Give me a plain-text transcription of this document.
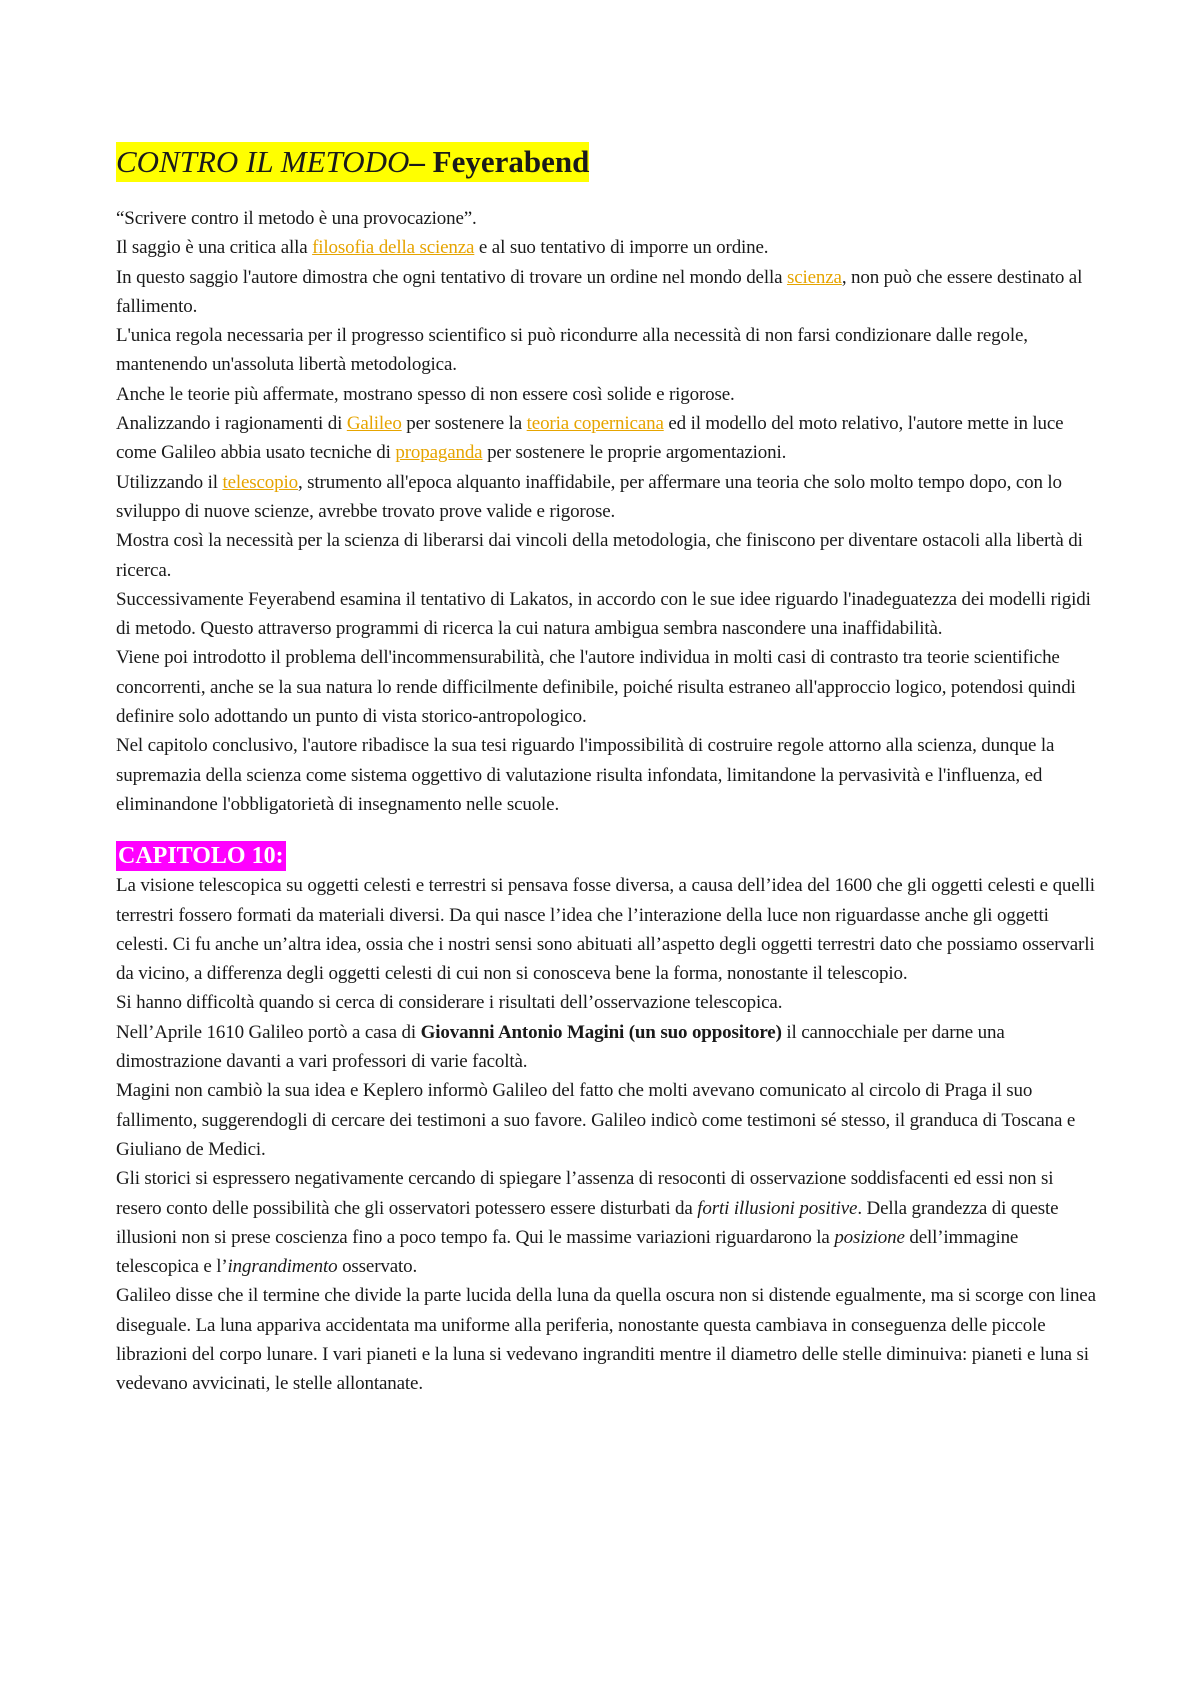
CONTRO IL METODO– Feyerabend

“Scrivere contro il metodo è una provocazione”.

Il saggio è una critica alla filosofia della scienza e al suo tentativo di imporre un ordine.

In questo saggio l'autore dimostra che ogni tentativo di trovare un ordine nel mondo della scienza, non può che essere destinato al fallimento.

L'unica regola necessaria per il progresso scientifico si può ricondurre alla necessità di non farsi condizionare dalle regole, mantenendo un'assoluta libertà metodologica.

Anche le teorie più affermate, mostrano spesso di non essere così solide e rigorose.

Analizzando i ragionamenti di Galileo per sostenere la teoria copernicana ed il modello del moto relativo, l'autore mette in luce come Galileo abbia usato tecniche di propaganda per sostenere le proprie argomentazioni.

Utilizzando il telescopio, strumento all'epoca alquanto inaffidabile, per affermare una teoria che solo molto tempo dopo, con lo sviluppo di nuove scienze, avrebbe trovato prove valide e rigorose.

Mostra così la necessità per la scienza di liberarsi dai vincoli della metodologia, che finiscono per diventare ostacoli alla libertà di ricerca.

Successivamente Feyerabend esamina il tentativo di Lakatos, in accordo con le sue idee riguardo l'inadeguatezza dei modelli rigidi di metodo. Questo attraverso programmi di ricerca la cui natura ambigua sembra nascondere una inaffidabilità.

Viene poi introdotto il problema dell'incommensurabilità, che l'autore individua in molti casi di contrasto tra teorie scientifiche concorrenti, anche se la sua natura lo rende difficilmente definibile, poiché risulta estraneo all'approccio logico, potendosi quindi definire solo adottando un punto di vista storico-antropologico.

Nel capitolo conclusivo, l'autore ribadisce la sua tesi riguardo l'impossibilità di costruire regole attorno alla scienza, dunque la supremazia della scienza come sistema oggettivo di valutazione risulta infondata, limitandone la pervasività e l'influenza, ed eliminandone l'obbligatorietà di insegnamento nelle scuole.

CAPITOLO 10:

La visione telescopica su oggetti celesti e terrestri si pensava fosse diversa, a causa dell’idea del 1600 che gli oggetti celesti e quelli terrestri fossero formati da materiali diversi. Da qui nasce l’idea che l’interazione della luce non riguardasse anche gli oggetti celesti. Ci fu anche un’altra idea, ossia che i nostri sensi sono abituati all’aspetto degli oggetti terrestri dato che possiamo osservarli da vicino, a differenza degli oggetti celesti di cui non si conosceva bene la forma, nonostante il telescopio.

Si hanno difficoltà quando si cerca di considerare i risultati dell’osservazione telescopica.

Nell’Aprile 1610 Galileo portò a casa di Giovanni Antonio Magini (un suo oppositore) il cannocchiale per darne una dimostrazione davanti a vari professori di varie facoltà.

Magini non cambiò la sua idea e Keplero informò Galileo del fatto che molti avevano comunicato al circolo di Praga il suo fallimento, suggerendogli di cercare dei testimoni a suo favore. Galileo indicò come testimoni sé stesso, il granduca di Toscana e Giuliano de Medici.

Gli storici si espressero negativamente cercando di spiegare l’assenza di resoconti di osservazione soddisfacenti ed essi non si resero conto delle possibilità che gli osservatori potessero essere disturbati da forti illusioni positive. Della grandezza di queste illusioni non si prese coscienza fino a poco tempo fa. Qui le massime variazioni riguardarono la posizione dell’immagine telescopica e l’ingrandimento osservato.

Galileo disse che il termine che divide la parte lucida della luna da quella oscura non si distende egualmente, ma si scorge con linea diseguale. La luna appariva accidentata ma uniforme alla periferia, nonostante questa cambiava in conseguenza delle piccole librazioni del corpo lunare. I vari pianeti e la luna si vedevano ingranditi mentre il diametro delle stelle diminuiva: pianeti e luna si vedevano avvicinati, le stelle allontanate.
